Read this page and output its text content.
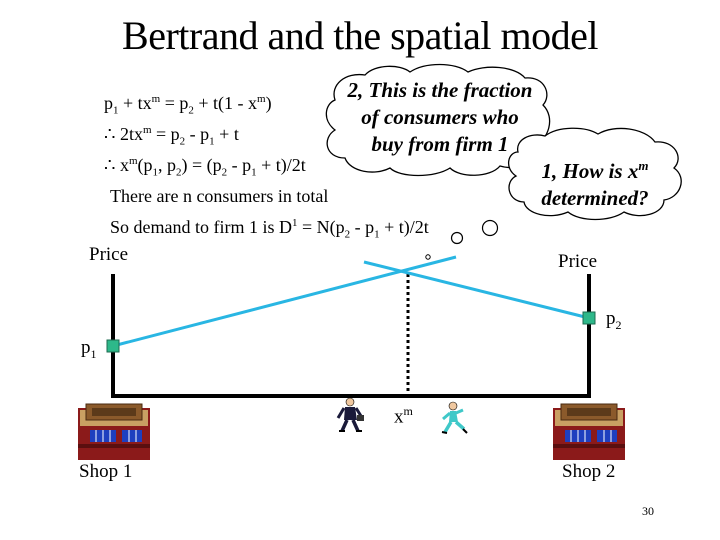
Bertrand and the spatial model
$p_1 + tx^m = p_2 + t(1 - x^m)$
∴ $2tx^m = p_2 - p_1 + t$
∴ $x^m(p_1$, $p_2) = (p_2 - p_1 + t)/2t$
There are n consumers in total
So demand to firm 1 is $D^1 = N(p_2 - p_1 + t)/2t$
2, This is the fraction
of consumers who
buy from firm 1
1, How is $x^m$
determined?
Price	Price
$p_1$
$p_2$
$x^m$
Shop 1	Shop 2
30
